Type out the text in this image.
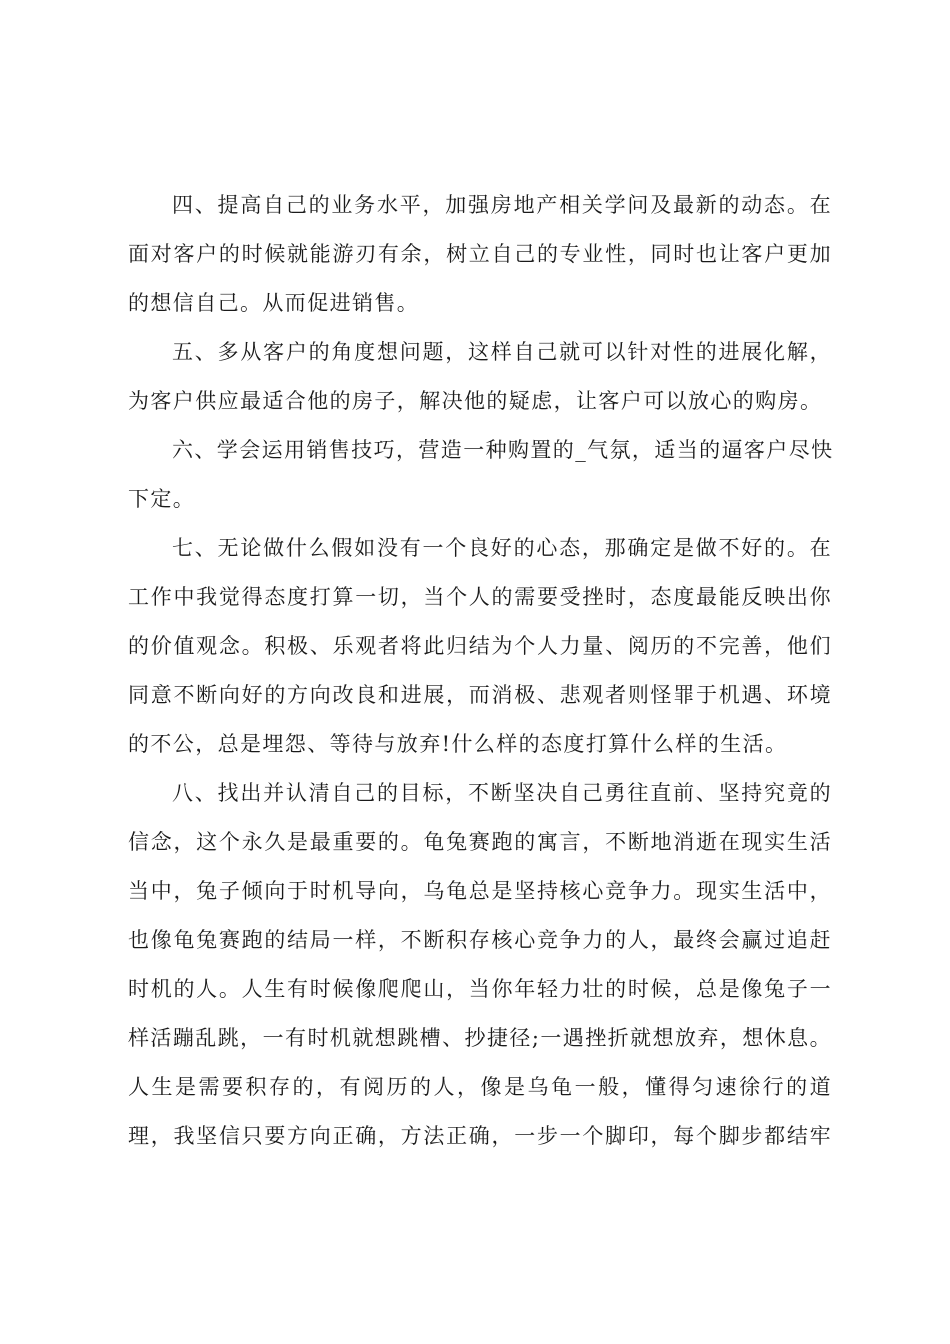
四、提高自己的业务水平，加强房地产相关学问及最新的动态。在
面对客户的时候就能游刃有余，树立自己的专业性，同时也让客户更加
的想信自己。从而促进销售。
五、多从客户的角度想问题，这样自己就可以针对性的进展化解，
为客户供应最适合他的房子，解决他的疑虑，让客户可以放心的购房。
六、学会运用销售技巧，营造一种购置的_气氛，适当的逼客户尽快
下定。
七、无论做什么假如没有一个良好的心态，那确定是做不好的。在
工作中我觉得态度打算一切，当个人的需要受挫时，态度最能反映出你
的价值观念。积极、乐观者将此归结为个人力量、阅历的不完善，他们
同意不断向好的方向改良和进展，而消极、悲观者则怪罪于机遇、环境
的不公，总是埋怨、等待与放弃!什么样的态度打算什么样的生活。
八、找出并认清自己的目标，不断坚决自己勇往直前、坚持究竟的
信念，这个永久是最重要的。龟兔赛跑的寓言，不断地消逝在现实生活
当中，兔子倾向于时机导向，乌龟总是坚持核心竞争力。现实生活中，
也像龟兔赛跑的结局一样，不断积存核心竞争力的人，最终会赢过追赶
时机的人。人生有时候像爬爬山，当你年轻力壮的时候，总是像兔子一
样活蹦乱跳，一有时机就想跳槽、抄捷径;一遇挫折就想放弃，想休息。
人生是需要积存的，有阅历的人，像是乌龟一般，懂得匀速徐行的道
理，我坚信只要方向正确，方法正确，一步一个脚印，每个脚步都结牢
